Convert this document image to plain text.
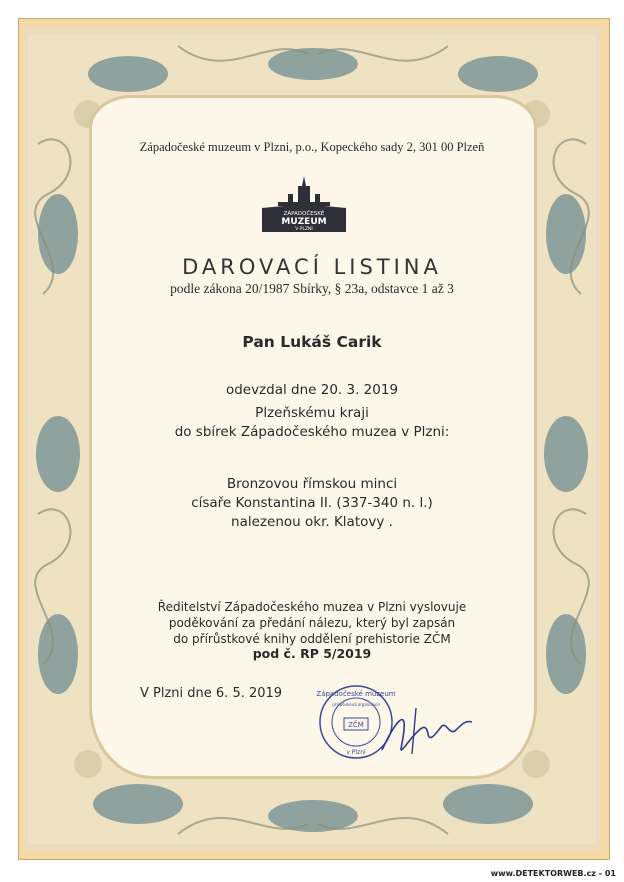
Západočeské muzeum v Plzni, p.o., Kopeckého sady 2, 301 00 Plzeň
ZÁPADOČESKÉ
MUZEUM
V PLZNI
DAROVACÍ LISTINA
podle zákona 20/1987 Sbírky, § 23a, odstavce 1 až 3
Pan Lukáš Carik
odevzdal dne 20. 3. 2019
Plzeňskému kraji
do sbírek Západočeského muzea v Plzni:
Bronzovou římskou minci
císaře Konstantina II. (337-340 n. l.)
nalezenou okr. Klatovy .
Ředitelství Západočeského muzea v Plzni vyslovuje
poděkování za předání nálezu, který byl zapsán
do přírůstkové knihy oddělení prehistorie ZČM
pod č. RP 5/2019
V Plzni dne 6. 5. 2019	Západočeské muzeum
příspěvková organizace
ZČM
v Plzni
www.DETEKTORWEB.cz - 01
